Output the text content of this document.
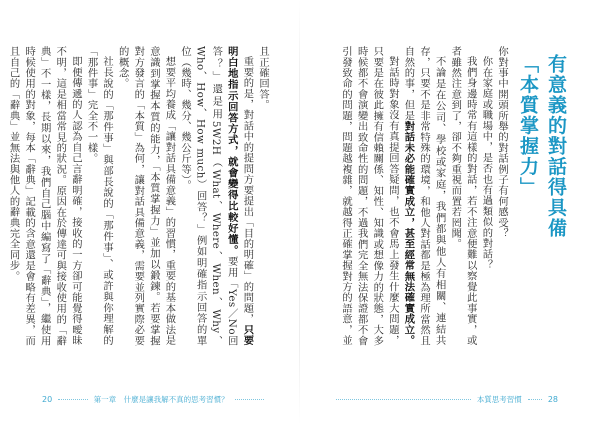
且正確回答。

重要的是，對話中的提問方要提出「目的明確」的問題，只要明白地指示回答方式，就會變得比較好懂。要用「Yes／No回答？」還是用5W2H（What、Where、When、Why、Who、How、How much）回答？」例如明確指示回答的單位（幾時、幾分、幾公斤等）。

想要平均養成「讓對話具備意義」的習慣，重要的基本做法是意識到掌握本質的能力，「本質掌握力」並加以鍛鍊。若要掌握對方發言的「本質」為何，讓對話具備意義，需要並列實際必要的概念。

社長說的「那件事」與部長說的「那件事」、或許與你理解的「那件事」完全不一樣。

即便傳遞的人認為自己言辭明確，接收的一方卻可能覺得曖昧不明，這是相當常見的狀況。原因在於傳達可與接收使用的「辭典」不一樣，長期以來，我們自己腦中編寫了「辭典」，繼使用時候使用的對象，每本「辭典」記載的含意還是會略有差異，而且自己的「辭典」並無法與他人的辭典完全同步。

20	第一章　什麼是讓我解不真的思考習慣？

你對事中開頭所舉的對話例子有何感受？

你在家庭或職場中，是否也有過類似的對話？

我們身邊時常有這樣的對話，若不注意便難以察覺此事實，或者雖然注意到了，卻不夠重視而置若罔聞。

不論是在公司、學校或家庭，我們都與他人有相關、連結共存，只要不是非常特殊的環境，和他人對話都是極為理所當然且自然的事，但是對話未必能確實成立，甚至經常無法確實成立。

對話時對象沒有真提回答疑問，也不會馬上發生什麼大問題，只要是在彼此擁有信賴關係、知性、知識或想像力的狀態，大多時候都不會演變出致命性的問題，不過我們完全無法保證都不會引發致命的問題，問題越複雜，就越得正確掌握對方的語意，並	有意義的對話得具備
「本質掌握力」
本質思考習慣	28
